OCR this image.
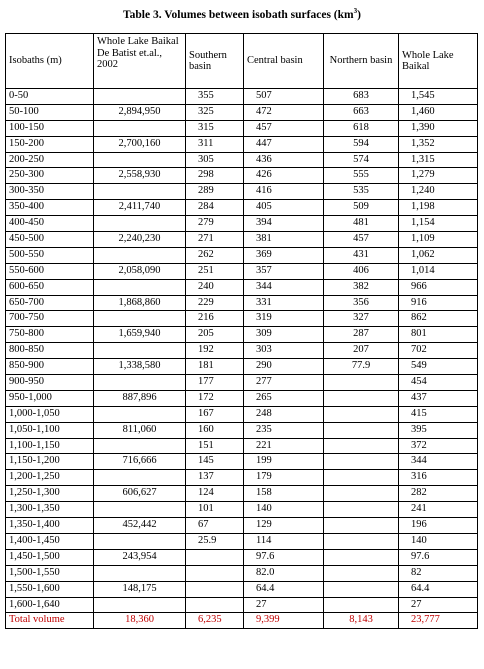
Table 3. Volumes between isobath surfaces $(km^3)$
Isobaths (m)	Whole Lake Baikal De Batist et.al., 2002	Southern basin	Central basin	Northern basin	Whole Lake Baikal
0-50		355	507	683	1,545
50-100	2,894,950	325	472	663	1,460
100-150		315	457	618	1,390
150-200	2,700,160	311	447	594	1,352
200-250		305	436	574	1,315
250-300	2,558,930	298	426	555	1,279
300-350		289	416	535	1,240
350-400	2,411,740	284	405	509	1,198
400-450		279	394	481	1,154
450-500	2,240,230	271	381	457	1,109
500-550		262	369	431	1,062
550-600	2,058,090	251	357	406	1,014
600-650		240	344	382	966
650-700	1,868,860	229	331	356	916
700-750		216	319	327	862
750-800	1,659,940	205	309	287	801
800-850		192	303	207	702
850-900	1,338,580	181	290	77.9	549
900-950		177	277		454
950-1,000	887,896	172	265		437
1,000-1,050		167	248		415
1,050-1,100	811,060	160	235		395
1,100-1,150		151	221		372
1,150-1,200	716,666	145	199		344
1,200-1,250		137	179		316
1,250-1,300	606,627	124	158		282
1,300-1,350		101	140		241
1,350-1,400	452,442	67	129		196
1,400-1,450		25.9	114		140
1,450-1,500	243,954		97.6		97.6
1,500-1,550			82.0		82
1,550-1,600	148,175		64.4		64.4
1,600-1,640			27		27
Total volume	18,360	6,235	9,399	8,143	23,777
